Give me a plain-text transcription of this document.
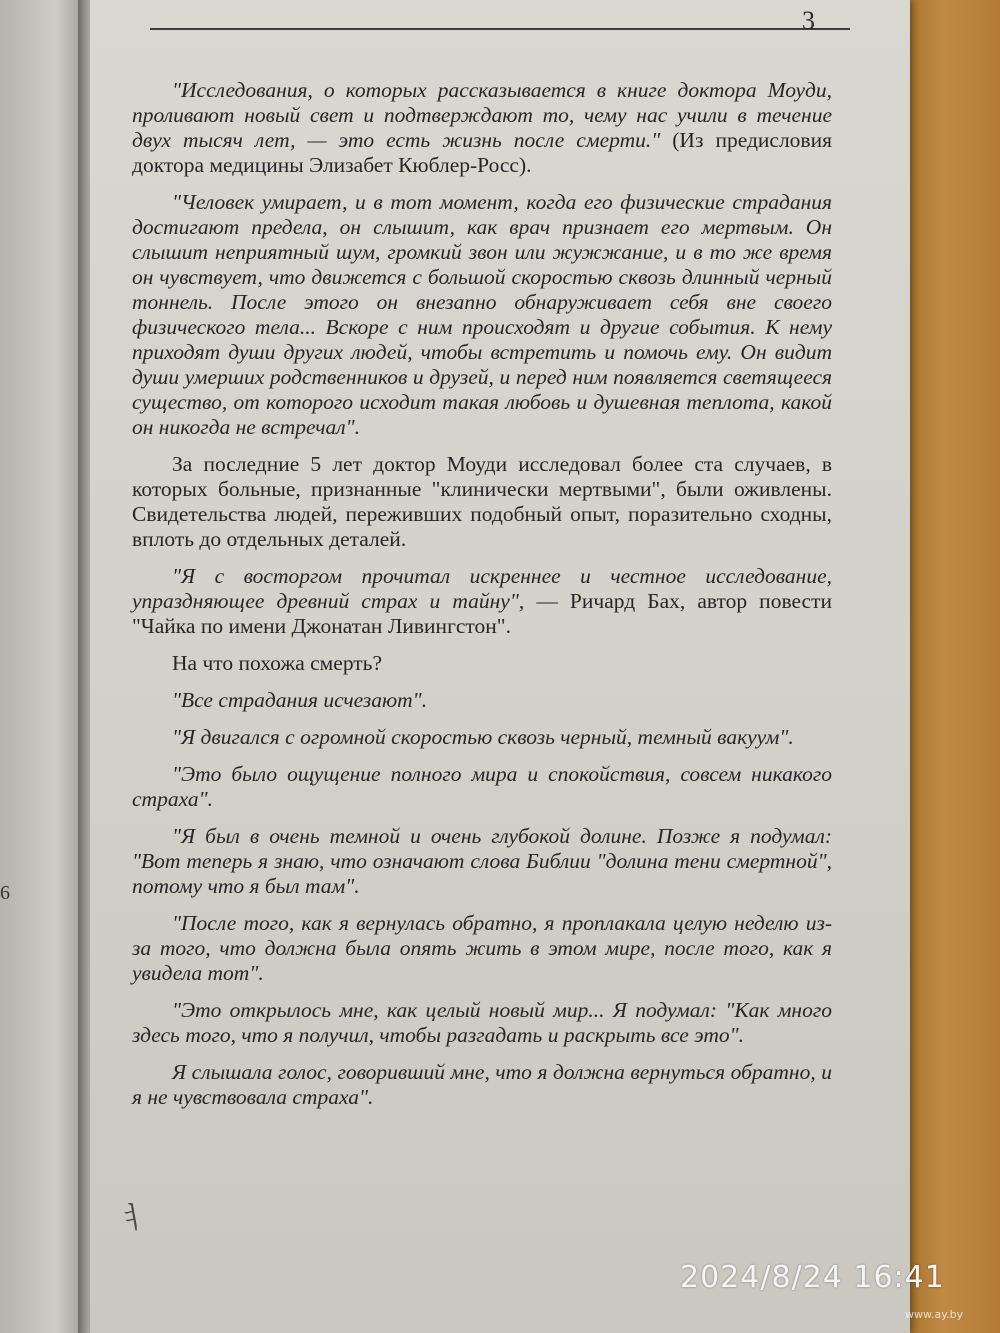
6
3

"Исследования, о которых рассказывается в книге доктора Моуди, проливают новый свет и подтверждают то, чему нас учили в течение двух тысяч лет, — это есть жизнь после смерти." (Из предисловия доктора медицины Элизабет Кюблер-Росс).

"Человек умирает, и в тот момент, когда его физические страдания достигают предела, он слышит, как врач признает его мертвым. Он слышит неприятный шум, громкий звон или жужжание, и в то же время он чувствует, что движется с большой скоростью сквозь длинный черный тоннель. После этого он внезапно обнаруживает себя вне своего физического тела... Вскоре с ним происходят и другие события. К нему приходят души других людей, чтобы встретить и помочь ему. Он видит души умерших родственников и друзей, и перед ним появляется светящееся существо, от которого исходит такая любовь и душевная теплота, какой он никогда не встречал".

За последние 5 лет доктор Моуди исследовал более ста случаев, в которых больные, признанные "клинически мертвыми", были оживлены. Свидетельства людей, переживших подобный опыт, поразительно сходны, вплоть до отдельных деталей.

"Я с восторгом прочитал искреннее и честное исследование, упраздняющее древний страх и тайну", — Ричард Бах, автор повести "Чайка по имени Джонатан Ливингстон".

На что похожа смерть?

"Все страдания исчезают".

"Я двигался с огромной скоростью сквозь черный, темный вакуум".

"Это было ощущение полного мира и спокойствия, совсем никакого страха".

"Я был в очень темной и очень глубокой долине. Позже я подумал: "Вот теперь я знаю, что означают слова Библии "долина тени смертной", потому что я был там".

"После того, как я вернулась обратно, я проплакала целую неделю из-за того, что должна была опять жить в этом мире, после того, как я увидела тот".

"Это открылось мне, как целый новый мир... Я подумал: "Как много здесь того, что я получил, чтобы разгадать и раскрыть все это".

Я слышала голос, говоривший мне, что я должна вернуться обратно, и я не чувствовала страха".

ㅕ
2024/8/24 16:41
www.ay.by
